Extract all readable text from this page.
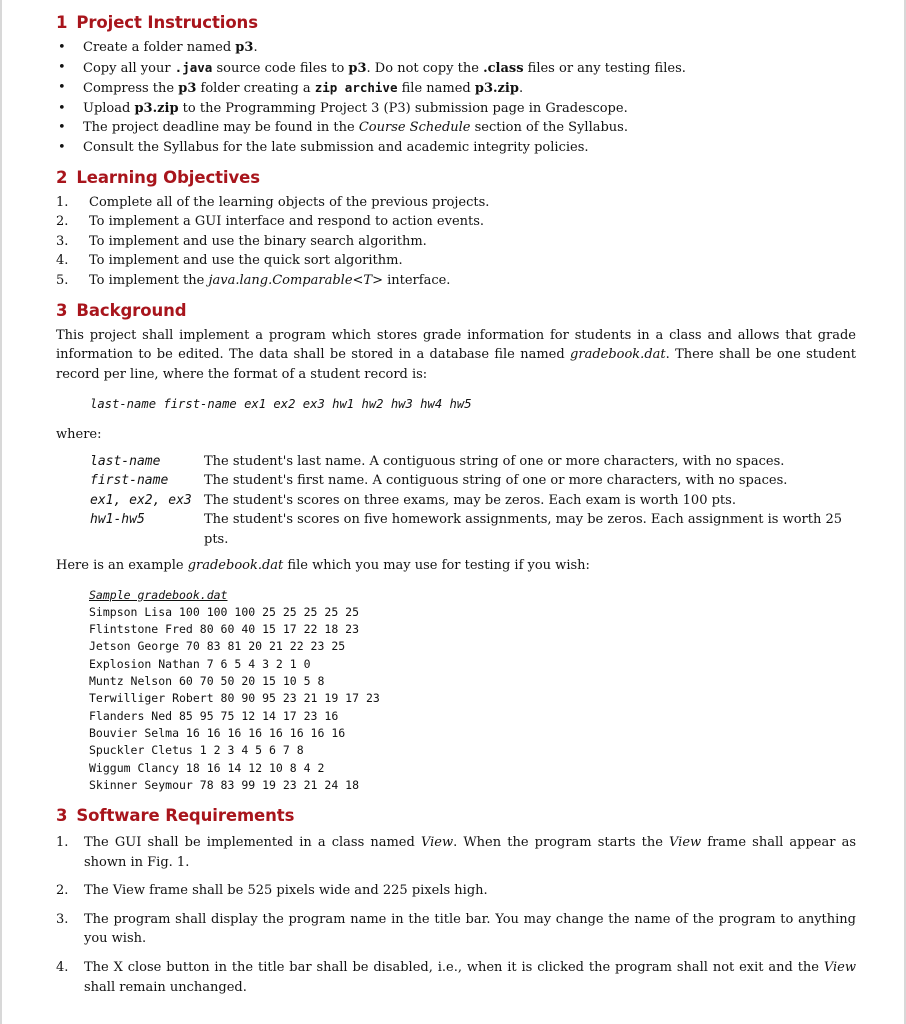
1 Project Instructions
• Create a folder named p3.
• Copy all your .java source code files to p3. Do not copy the .class files or any testing files.
• Compress the p3 folder creating a zip archive file named p3.zip.
• Upload p3.zip to the Programming Project 3 (P3) submission page in Gradescope.
• The project deadline may be found in the Course Schedule section of the Syllabus.
• Consult the Syllabus for the late submission and academic integrity policies.
2 Learning Objectives
1. Complete all of the learning objects of the previous projects.
2. To implement a GUI interface and respond to action events.
3. To implement and use the binary search algorithm.
4. To implement and use the quick sort algorithm.
5. To implement the java.lang.Comparable<T> interface.
3 Background

This project shall implement a program which stores grade information for students in a class and allows that grade information to be edited. The data shall be stored in a database file named gradebook.dat. There shall be one student record per line, where the format of a student record is:

last-name first-name ex1 ex2 ex3 hw1 hw2 hw3 hw4 hw5

where:

last-name	The student's last name. A contiguous string of one or more characters, with no spaces.
first-name	The student's first name. A contiguous string of one or more characters, with no spaces.
ex1, ex2, ex3	The student's scores on three exams, may be zeros. Each exam is worth 100 pts.
hw1-hw5	The student's scores on five homework assignments, may be zeros. Each assignment is worth 25 pts.

Here is an example gradebook.dat file which you may use for testing if you wish:

Sample gradebook.dat
Simpson Lisa 100 100 100 25 25 25 25 25
Flintstone Fred 80 60 40 15 17 22 18 23
Jetson George 70 83 81 20 21 22 23 25
Explosion Nathan 7 6 5 4 3 2 1 0
Muntz Nelson 60 70 50 20 15 10 5 8
Terwilliger Robert 80 90 95 23 21 19 17 23
Flanders Ned 85 95 75 12 14 17 23 16
Bouvier Selma 16 16 16 16 16 16 16 16
Spuckler Cletus 1 2 3 4 5 6 7 8
Wiggum Clancy 18 16 14 12 10 8 4 2
Skinner Seymour 78 83 99 19 23 21 24 18
3 Software Requirements
1. The GUI shall be implemented in a class named View. When the program starts the View frame shall appear as shown in Fig. 1.
2. The View frame shall be 525 pixels wide and 225 pixels high.
3. The program shall display the program name in the title bar. You may change the name of the program to anything you wish.
4. The X close button in the title bar shall be disabled, i.e., when it is clicked the program shall not exit and the View shall remain unchanged.
